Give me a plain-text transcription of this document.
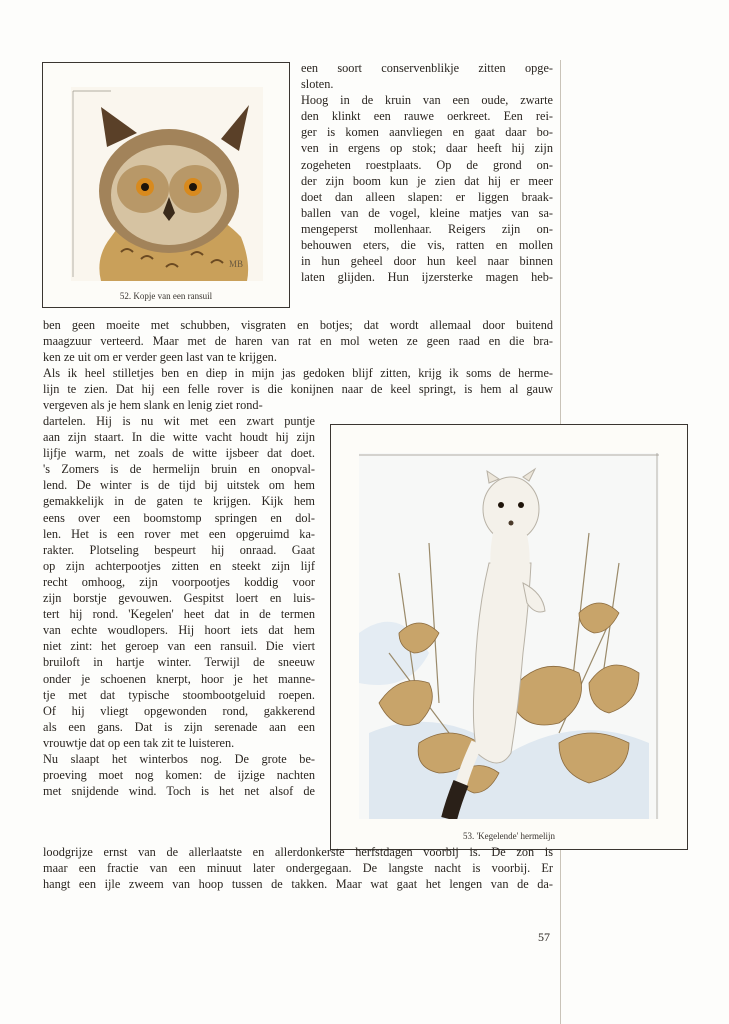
MB
52. Kopje van een ransuil
53. 'Kegelende' hermelijn
een soort conservenblikje zitten opge-
sloten.
Hoog in de kruin van een oude, zwarte
den klinkt een rauwe oerkreet. Een rei-
ger is komen aanvliegen en gaat daar bo-
ven in ergens op stok; daar heeft hij zijn
zogeheten roestplaats. Op de grond on-
der zijn boom kun je zien dat hij er meer
doet dan alleen slapen: er liggen braak-
ballen van de vogel, kleine matjes van sa-
mengeperst mollenhaar. Reigers zijn on-
behouwen eters, die vis, ratten en mollen
in hun geheel door hun keel naar binnen
laten glijden. Hun ijzersterke magen heb-
ben geen moeite met schubben, visgraten en botjes; dat wordt allemaal door buitend
maagzuur verteerd. Maar met de haren van rat en mol weten ze geen raad en die bra-
ken ze uit om er verder geen last van te krijgen.
Als ik heel stilletjes ben en diep in mijn jas gedoken blijf zitten, krijg ik soms de herme-
lijn te zien. Dat hij een felle rover is die konijnen naar de keel springt, is hem al gauw
vergeven als je hem slank en lenig ziet rond-
dartelen. Hij is nu wit met een zwart puntje
aan zijn staart. In die witte vacht houdt hij zijn
lijfje warm, net zoals de witte ijsbeer dat doet.
's Zomers is de hermelijn bruin en onopval-
lend. De winter is de tijd bij uitstek om hem
gemakkelijk in de gaten te krijgen. Kijk hem
eens over een boomstomp springen en dol-
len. Het is een rover met een opgeruimd ka-
rakter. Plotseling bespeurt hij onraad. Gaat
op zijn achterpootjes zitten en steekt zijn lijf
recht omhoog, zijn voorpootjes koddig voor
zijn borstje gevouwen. Gespitst loert en luis-
tert hij rond. 'Kegelen' heet dat in de termen
van echte woudlopers. Hij hoort iets dat hem
niet zint: het geroep van een ransuil. Die viert
bruiloft in hartje winter. Terwijl de sneeuw
onder je schoenen knerpt, hoor je het manne-
tje met dat typische stoombootgeluid roepen.
Of hij vliegt opgewonden rond, gakkerend
als een gans. Dat is zijn serenade aan een
vrouwtje dat op een tak zit te luisteren.
Nu slaapt het winterbos nog. De grote be-
proeving moet nog komen: de ijzige nachten
met snijdende wind. Toch is het net alsof de
loodgrijze ernst van de allerlaatste en allerdonkerste herfstdagen voorbij is. De zon is
maar een fractie van een minuut later ondergegaan. De langste nacht is voorbij. Er
hangt een ijle zweem van hoop tussen de takken. Maar wat gaat het lengen van de da-
57
